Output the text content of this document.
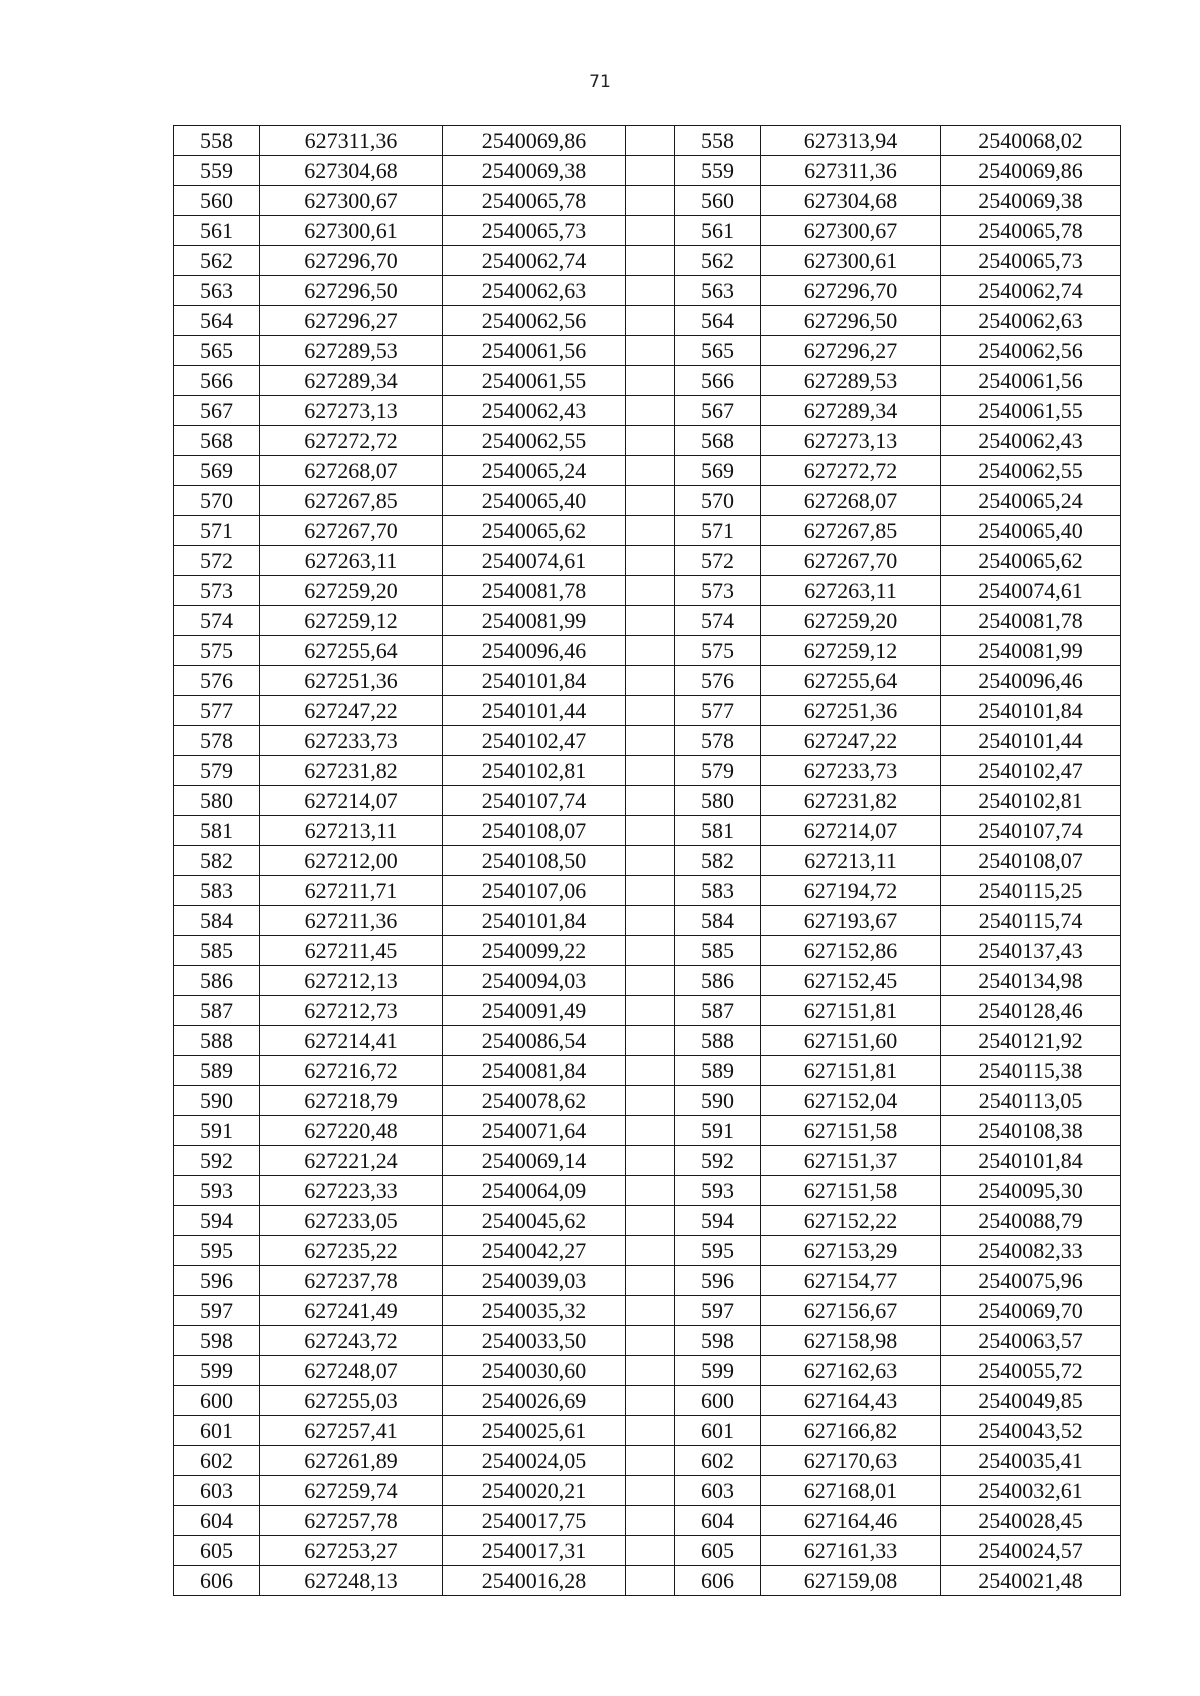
71
558	627311,36	2540069,86		558	627313,94	2540068,02
559	627304,68	2540069,38		559	627311,36	2540069,86
560	627300,67	2540065,78		560	627304,68	2540069,38
561	627300,61	2540065,73		561	627300,67	2540065,78
562	627296,70	2540062,74		562	627300,61	2540065,73
563	627296,50	2540062,63		563	627296,70	2540062,74
564	627296,27	2540062,56		564	627296,50	2540062,63
565	627289,53	2540061,56		565	627296,27	2540062,56
566	627289,34	2540061,55		566	627289,53	2540061,56
567	627273,13	2540062,43		567	627289,34	2540061,55
568	627272,72	2540062,55		568	627273,13	2540062,43
569	627268,07	2540065,24		569	627272,72	2540062,55
570	627267,85	2540065,40		570	627268,07	2540065,24
571	627267,70	2540065,62		571	627267,85	2540065,40
572	627263,11	2540074,61		572	627267,70	2540065,62
573	627259,20	2540081,78		573	627263,11	2540074,61
574	627259,12	2540081,99		574	627259,20	2540081,78
575	627255,64	2540096,46		575	627259,12	2540081,99
576	627251,36	2540101,84		576	627255,64	2540096,46
577	627247,22	2540101,44		577	627251,36	2540101,84
578	627233,73	2540102,47		578	627247,22	2540101,44
579	627231,82	2540102,81		579	627233,73	2540102,47
580	627214,07	2540107,74		580	627231,82	2540102,81
581	627213,11	2540108,07		581	627214,07	2540107,74
582	627212,00	2540108,50		582	627213,11	2540108,07
583	627211,71	2540107,06		583	627194,72	2540115,25
584	627211,36	2540101,84		584	627193,67	2540115,74
585	627211,45	2540099,22		585	627152,86	2540137,43
586	627212,13	2540094,03		586	627152,45	2540134,98
587	627212,73	2540091,49		587	627151,81	2540128,46
588	627214,41	2540086,54		588	627151,60	2540121,92
589	627216,72	2540081,84		589	627151,81	2540115,38
590	627218,79	2540078,62		590	627152,04	2540113,05
591	627220,48	2540071,64		591	627151,58	2540108,38
592	627221,24	2540069,14		592	627151,37	2540101,84
593	627223,33	2540064,09		593	627151,58	2540095,30
594	627233,05	2540045,62		594	627152,22	2540088,79
595	627235,22	2540042,27		595	627153,29	2540082,33
596	627237,78	2540039,03		596	627154,77	2540075,96
597	627241,49	2540035,32		597	627156,67	2540069,70
598	627243,72	2540033,50		598	627158,98	2540063,57
599	627248,07	2540030,60		599	627162,63	2540055,72
600	627255,03	2540026,69		600	627164,43	2540049,85
601	627257,41	2540025,61		601	627166,82	2540043,52
602	627261,89	2540024,05		602	627170,63	2540035,41
603	627259,74	2540020,21		603	627168,01	2540032,61
604	627257,78	2540017,75		604	627164,46	2540028,45
605	627253,27	2540017,31		605	627161,33	2540024,57
606	627248,13	2540016,28		606	627159,08	2540021,48
